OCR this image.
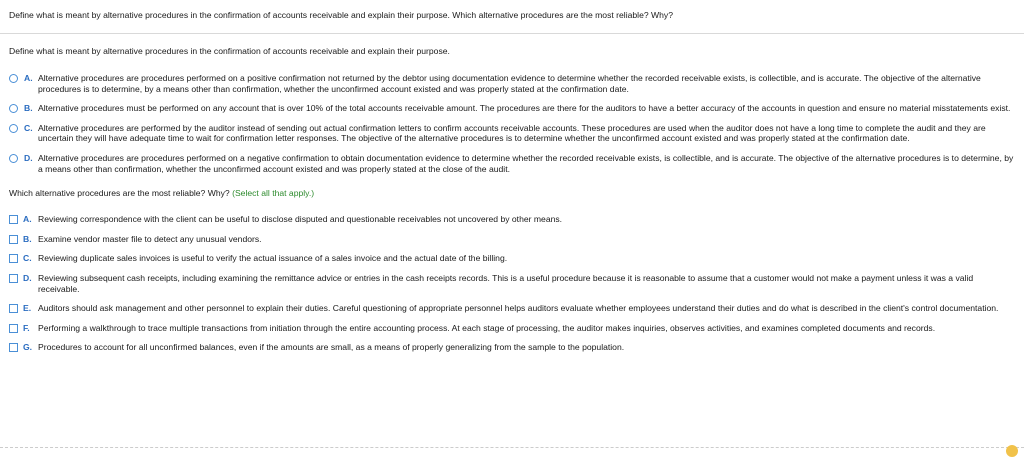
Define what is meant by alternative procedures in the confirmation of accounts receivable and explain their purpose. Which alternative procedures are the most reliable? Why?
Define what is meant by alternative procedures in the confirmation of accounts receivable and explain their purpose.
A. Alternative procedures are procedures performed on a positive confirmation not returned by the debtor using documentation evidence to determine whether the recorded receivable exists, is collectible, and is accurate. The objective of the alternative procedures is to determine, by a means other than confirmation, whether the unconfirmed account existed and was properly stated at the confirmation date.
B. Alternative procedures must be performed on any account that is over 10% of the total accounts receivable amount. The procedures are there for the auditors to have a better accuracy of the accounts in question and ensure no material misstatements exist.
C. Alternative procedures are performed by the auditor instead of sending out actual confirmation letters to confirm accounts receivable accounts. These procedures are used when the auditor does not have a long time to complete the audit and they are uncertain they will have adequate time to wait for confirmation letter responses. The objective of the alternative procedures is to determine whether the unconfirmed account existed and was properly stated at the confirmation date.
D. Alternative procedures are procedures performed on a negative confirmation to obtain documentation evidence to determine whether the recorded receivable exists, is collectible, and is accurate. The objective of the alternative procedures is to determine, by a means other than confirmation, whether the unconfirmed account existed and was properly stated at the close of the audit.
Which alternative procedures are the most reliable? Why? (Select all that apply.)
A. Reviewing correspondence with the client can be useful to disclose disputed and questionable receivables not uncovered by other means.
B. Examine vendor master file to detect any unusual vendors.
C. Reviewing duplicate sales invoices is useful to verify the actual issuance of a sales invoice and the actual date of the billing.
D. Reviewing subsequent cash receipts, including examining the remittance advice or entries in the cash receipts records. This is a useful procedure because it is reasonable to assume that a customer would not make a payment unless it was a valid receivable.
E. Auditors should ask management and other personnel to explain their duties. Careful questioning of appropriate personnel helps auditors evaluate whether employees understand their duties and do what is described in the client's control documentation.
F. Performing a walkthrough to trace multiple transactions from initiation through the entire accounting process. At each stage of processing, the auditor makes inquiries, observes activities, and examines completed documents and records.
G. Procedures to account for all unconfirmed balances, even if the amounts are small, as a means of properly generalizing from the sample to the population.
